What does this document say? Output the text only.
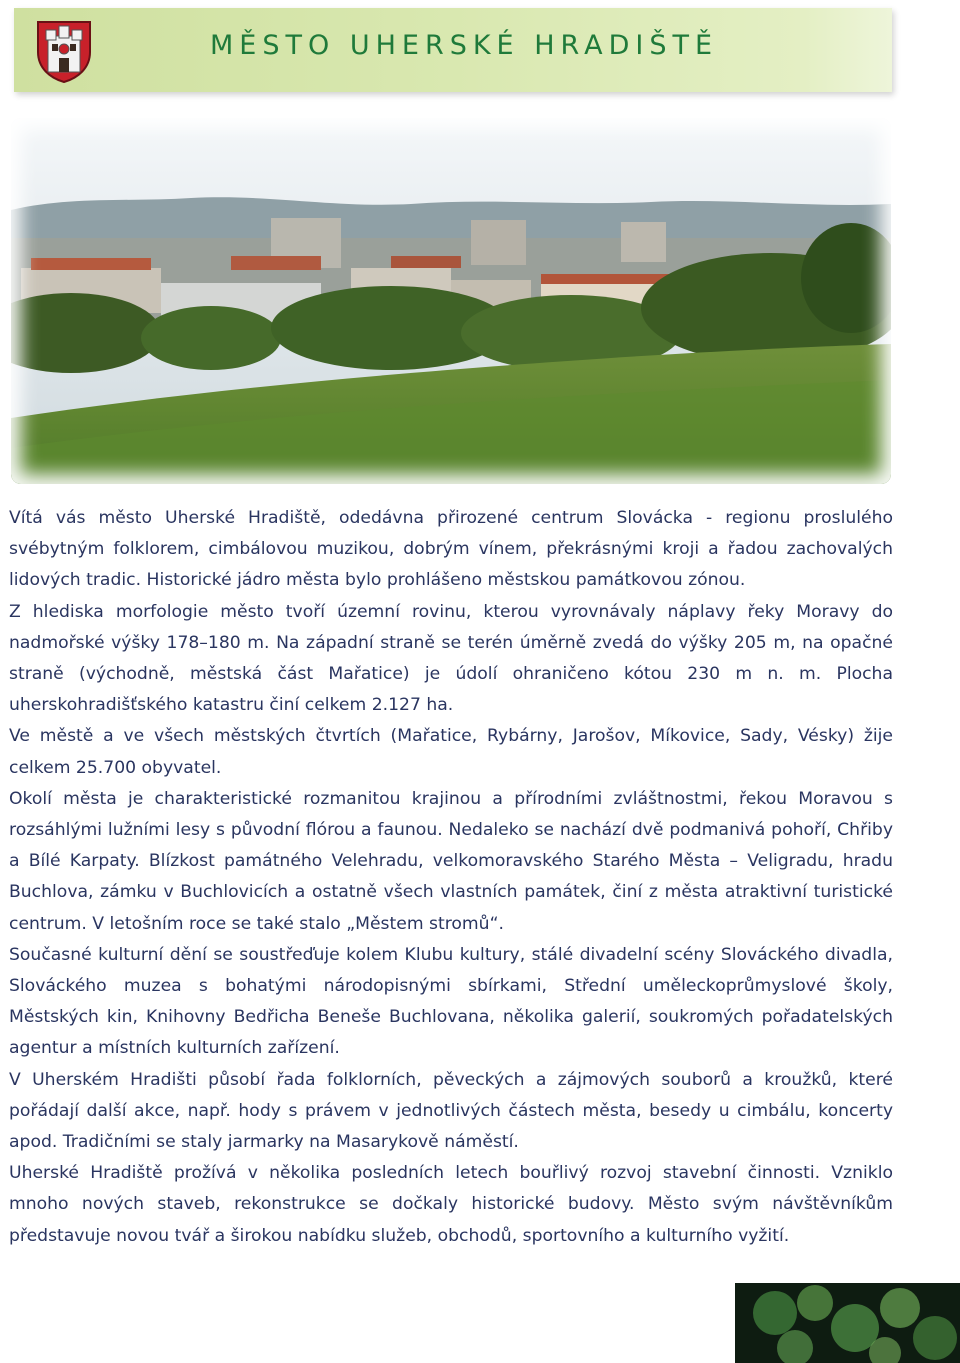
MĚSTO UHERSKÉ HRADIŠTĚ

Vítá vás město Uherské Hradiště, odedávna přirozené centrum Slovácka - regionu proslulého svébytným folklorem, cimbálovou muzikou, dobrým vínem, překrásnými kroji a řadou zachovalých lidových tradic. Historické jádro města bylo prohlášeno městskou památkovou zónou.

Z hlediska morfologie město tvoří územní rovinu, kterou vyrovnávaly náplavy řeky Moravy do nadmořské výšky 178–180 m. Na západní straně se terén úměrně zvedá do výšky 205 m, na opačné straně (východně, městská část Mařatice) je údolí ohraničeno kótou 230 m n. m. Plocha uherskohradišťského katastru činí celkem 2.127 ha.

Ve městě a ve všech městských čtvrtích (Mařatice, Rybárny, Jarošov, Míkovice, Sady, Vésky) žije celkem 25.700 obyvatel.

Okolí města je charakteristické rozmanitou krajinou a přírodními zvláštnostmi, řekou Moravou s rozsáhlými lužními lesy s původní flórou a faunou. Nedaleko se nachází dvě podmanivá pohoří, Chřiby a Bílé Karpaty. Blízkost památného Velehradu, velkomoravského Starého Města – Veligradu, hradu Buchlova, zámku v Buchlovicích a ostatně všech vlastních památek, činí z města atraktivní turistické centrum. V letošním roce se také stalo „Městem stromů“.

Současné kulturní dění se soustřeďuje kolem Klubu kultury, stálé divadelní scény Slováckého divadla, Slováckého muzea s bohatými národopisnými sbírkami, Střední uměleckoprůmyslové školy, Městských kin, Knihovny Bedřicha Beneše Buchlovana, několika galerií, soukromých pořadatelských agentur a místních kulturních zařízení.

V Uherském Hradišti působí řada folklorních, pěveckých a zájmových souborů a kroužků, které pořádají další akce, např. hody s právem v jednotlivých částech města, besedy u cimbálu, koncerty apod. Tradičními se staly jarmarky na Masarykově náměstí.

Uherské Hradiště prožívá v několika posledních letech bouřlivý rozvoj stavební činnosti. Vzniklo mnoho nových staveb, rekonstrukce se dočkaly historické budovy. Město svým návštěvníkům představuje novou tvář a širokou nabídku služeb, obchodů, sportovního a kulturního vyžití.
